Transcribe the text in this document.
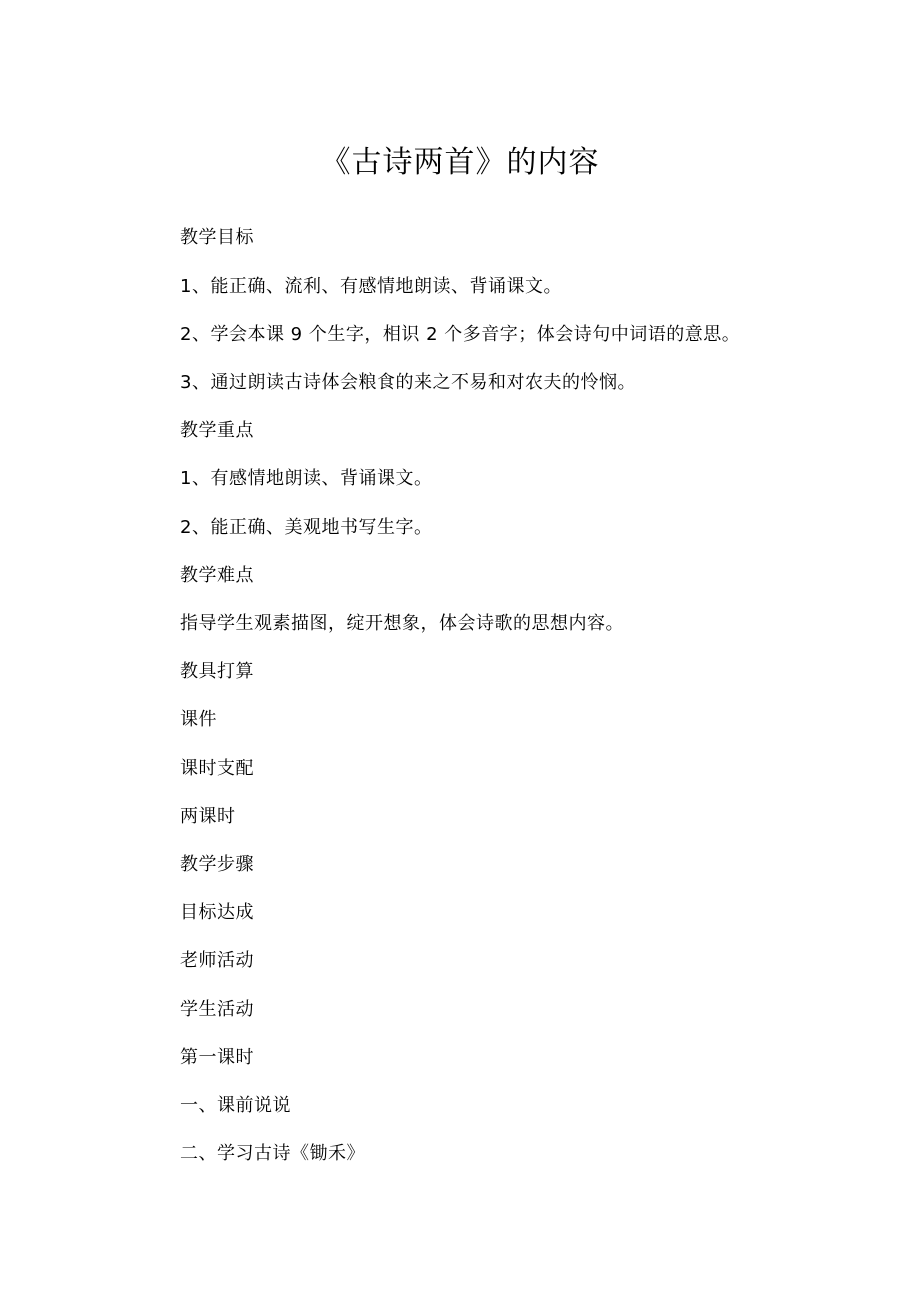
《古诗两首》的内容
教学目标
1、能正确、流利、有感情地朗读、背诵课文。
2、学会本课 9 个生字，相识 2 个多音字；体会诗句中词语的意思。
3、通过朗读古诗体会粮食的来之不易和对农夫的怜悯。
教学重点
1、有感情地朗读、背诵课文。
2、能正确、美观地书写生字。
教学难点
指导学生观素描图，绽开想象，体会诗歌的思想内容。
教具打算
课件
课时支配
两课时
教学步骤
目标达成
老师活动
学生活动
第一课时
一、课前说说
二、学习古诗《锄禾》
